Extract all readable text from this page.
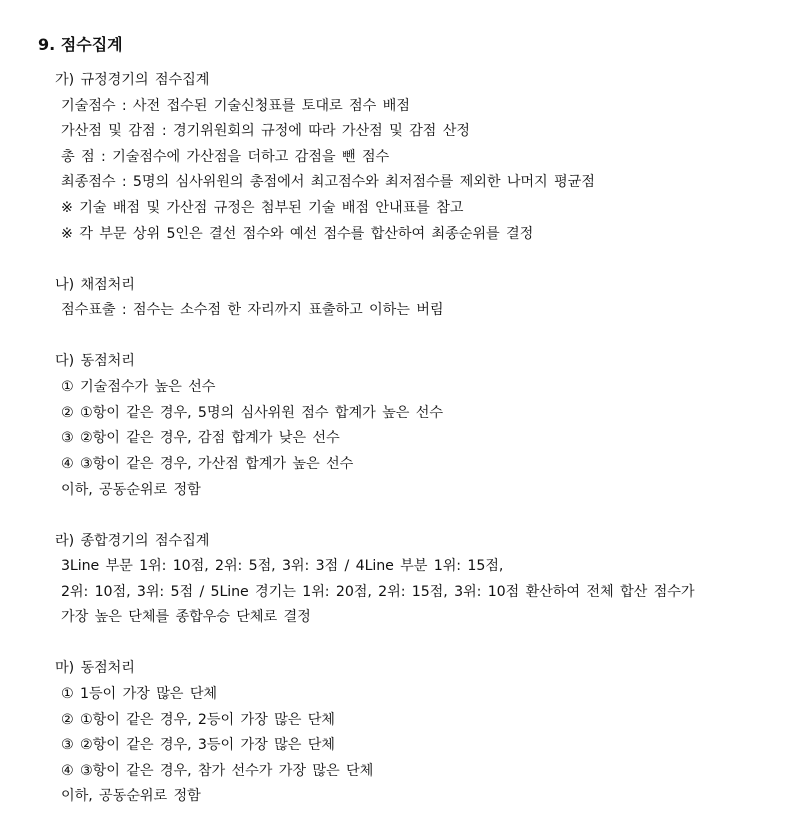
9. 점수집계
가) 규정경기의 점수집계
기술점수 : 사전 접수된 기술신청표를 토대로 점수 배점
가산점 및 감점 : 경기위원회의 규정에 따라 가산점 및 감점 산정
총 점 : 기술점수에 가산점을 더하고 감점을 뺀 점수
최종점수 : 5명의 심사위원의 총점에서 최고점수와 최저점수를 제외한 나머지 평균점
※ 기술 배점 및 가산점 규정은 첨부된 기술 배점 안내표를 참고
※ 각 부문 상위 5인은 결선 점수와 예선 점수를 합산하여 최종순위를 결정
나) 채점처리
점수표출 : 점수는 소수점 한 자리까지 표출하고 이하는 버림
다) 동점처리
① 기술점수가 높은 선수
② ①항이 같은 경우, 5명의 심사위원 점수 합계가 높은 선수
③ ②항이 같은 경우, 감점 합계가 낮은 선수
④ ③항이 같은 경우, 가산점 합계가 높은 선수
이하, 공동순위로 정함
라) 종합경기의 점수집계
3Line 부문 1위: 10점, 2위: 5점, 3위: 3점 / 4Line 부분 1위: 15점,
2위: 10점, 3위: 5점 / 5Line 경기는 1위: 20점, 2위: 15점, 3위: 10점 환산하여 전체 합산 점수가
가장 높은 단체를 종합우승 단체로 결정
마) 동점처리
① 1등이 가장 많은 단체
② ①항이 같은 경우, 2등이 가장 많은 단체
③ ②항이 같은 경우, 3등이 가장 많은 단체
④ ③항이 같은 경우, 참가 선수가 가장 많은 단체
이하, 공동순위로 정함
